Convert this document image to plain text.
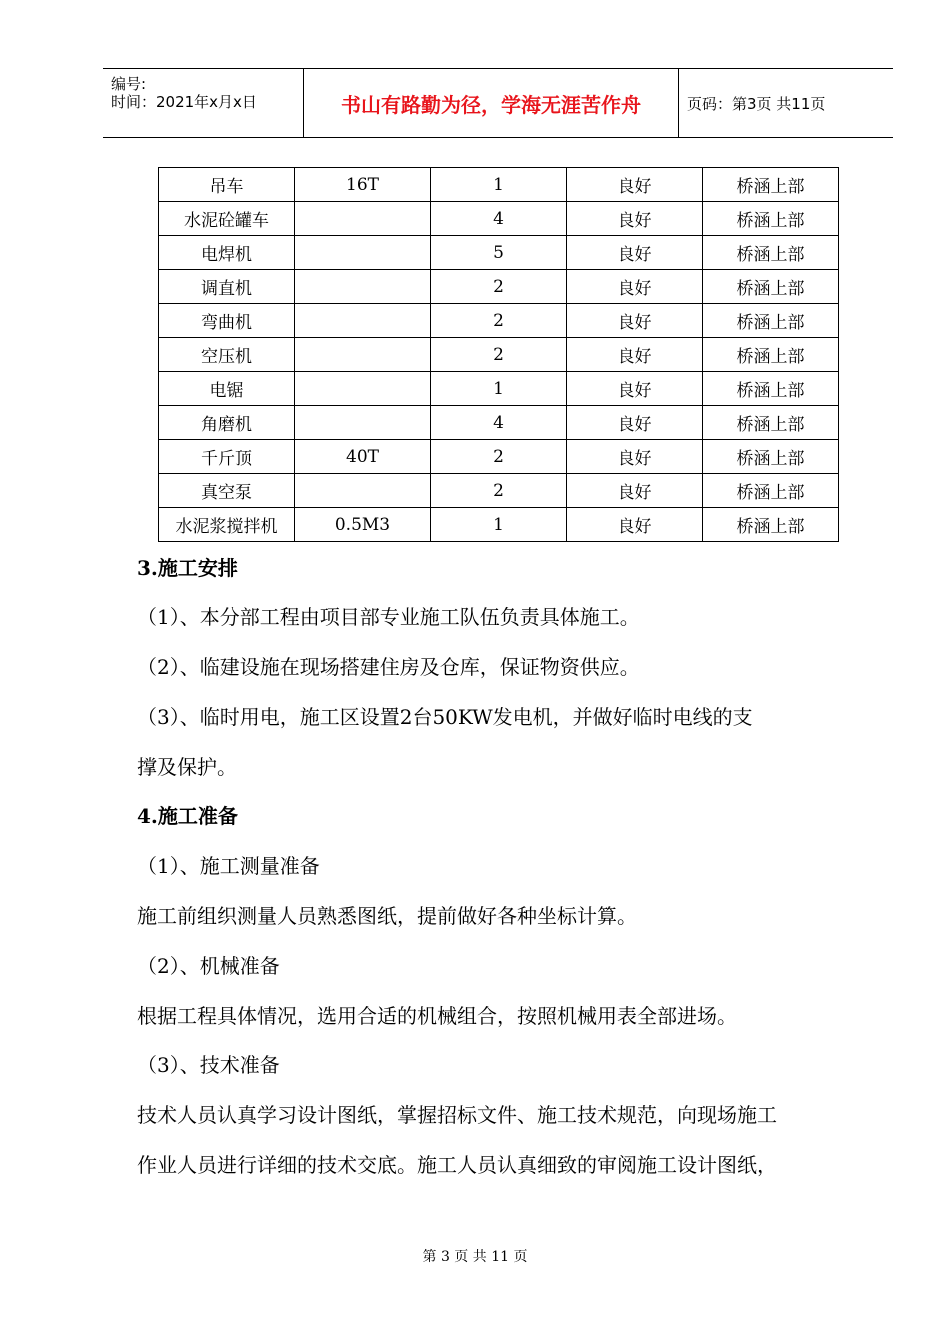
编号:
时间：2021年x月x日	书山有路勤为径，学海无涯苦作舟	页码：第3页 共11页
吊车	16T	1	良好	桥涵上部
水泥砼罐车		4	良好	桥涵上部
电焊机		5	良好	桥涵上部
调直机		2	良好	桥涵上部
弯曲机		2	良好	桥涵上部
空压机		2	良好	桥涵上部
电锯		1	良好	桥涵上部
角磨机		4	良好	桥涵上部
千斤顶	40T	2	良好	桥涵上部
真空泵		2	良好	桥涵上部
水泥浆搅拌机	0.5M3	1	良好	桥涵上部
3.施工安排
（1）、本分部工程由项目部专业施工队伍负责具体施工。
（2）、临建设施在现场搭建住房及仓库，保证物资供应。
（3）、临时用电，施工区设置2台50KW发电机，并做好临时电线的支
撑及保护。
4.施工准备
（1）、施工测量准备
施工前组织测量人员熟悉图纸，提前做好各种坐标计算。
（2）、机械准备
根据工程具体情况，选用合适的机械组合，按照机械用表全部进场。
（3）、技术准备
技术人员认真学习设计图纸，掌握招标文件、施工技术规范，向现场施工
作业人员进行详细的技术交底。施工人员认真细致的审阅施工设计图纸，
第 3 页 共 11 页
